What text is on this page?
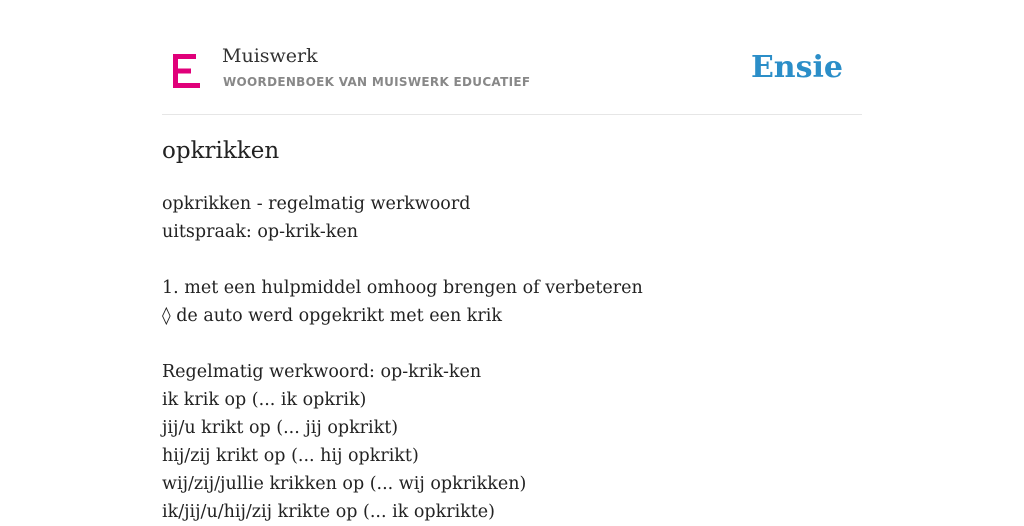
Muiswerk
WOORDENBOEK VAN MUISWERK EDUCATIEF	Ensie
opkrikken
opkrikken - regelmatig werkwoord
uitspraak: op-krik-ken
1. met een hulpmiddel omhoog brengen of verbeteren
◊ de auto werd opgekrikt met een krik
Regelmatig werkwoord: op-krik-ken
ik krik op (... ik opkrik)
jij/u krikt op (... jij opkrikt)
hij/zij krikt op (... hij opkrikt)
wij/zij/jullie krikken op (... wij opkrikken)
ik/jij/u/hij/zij krikte op (... ik opkrikte)
